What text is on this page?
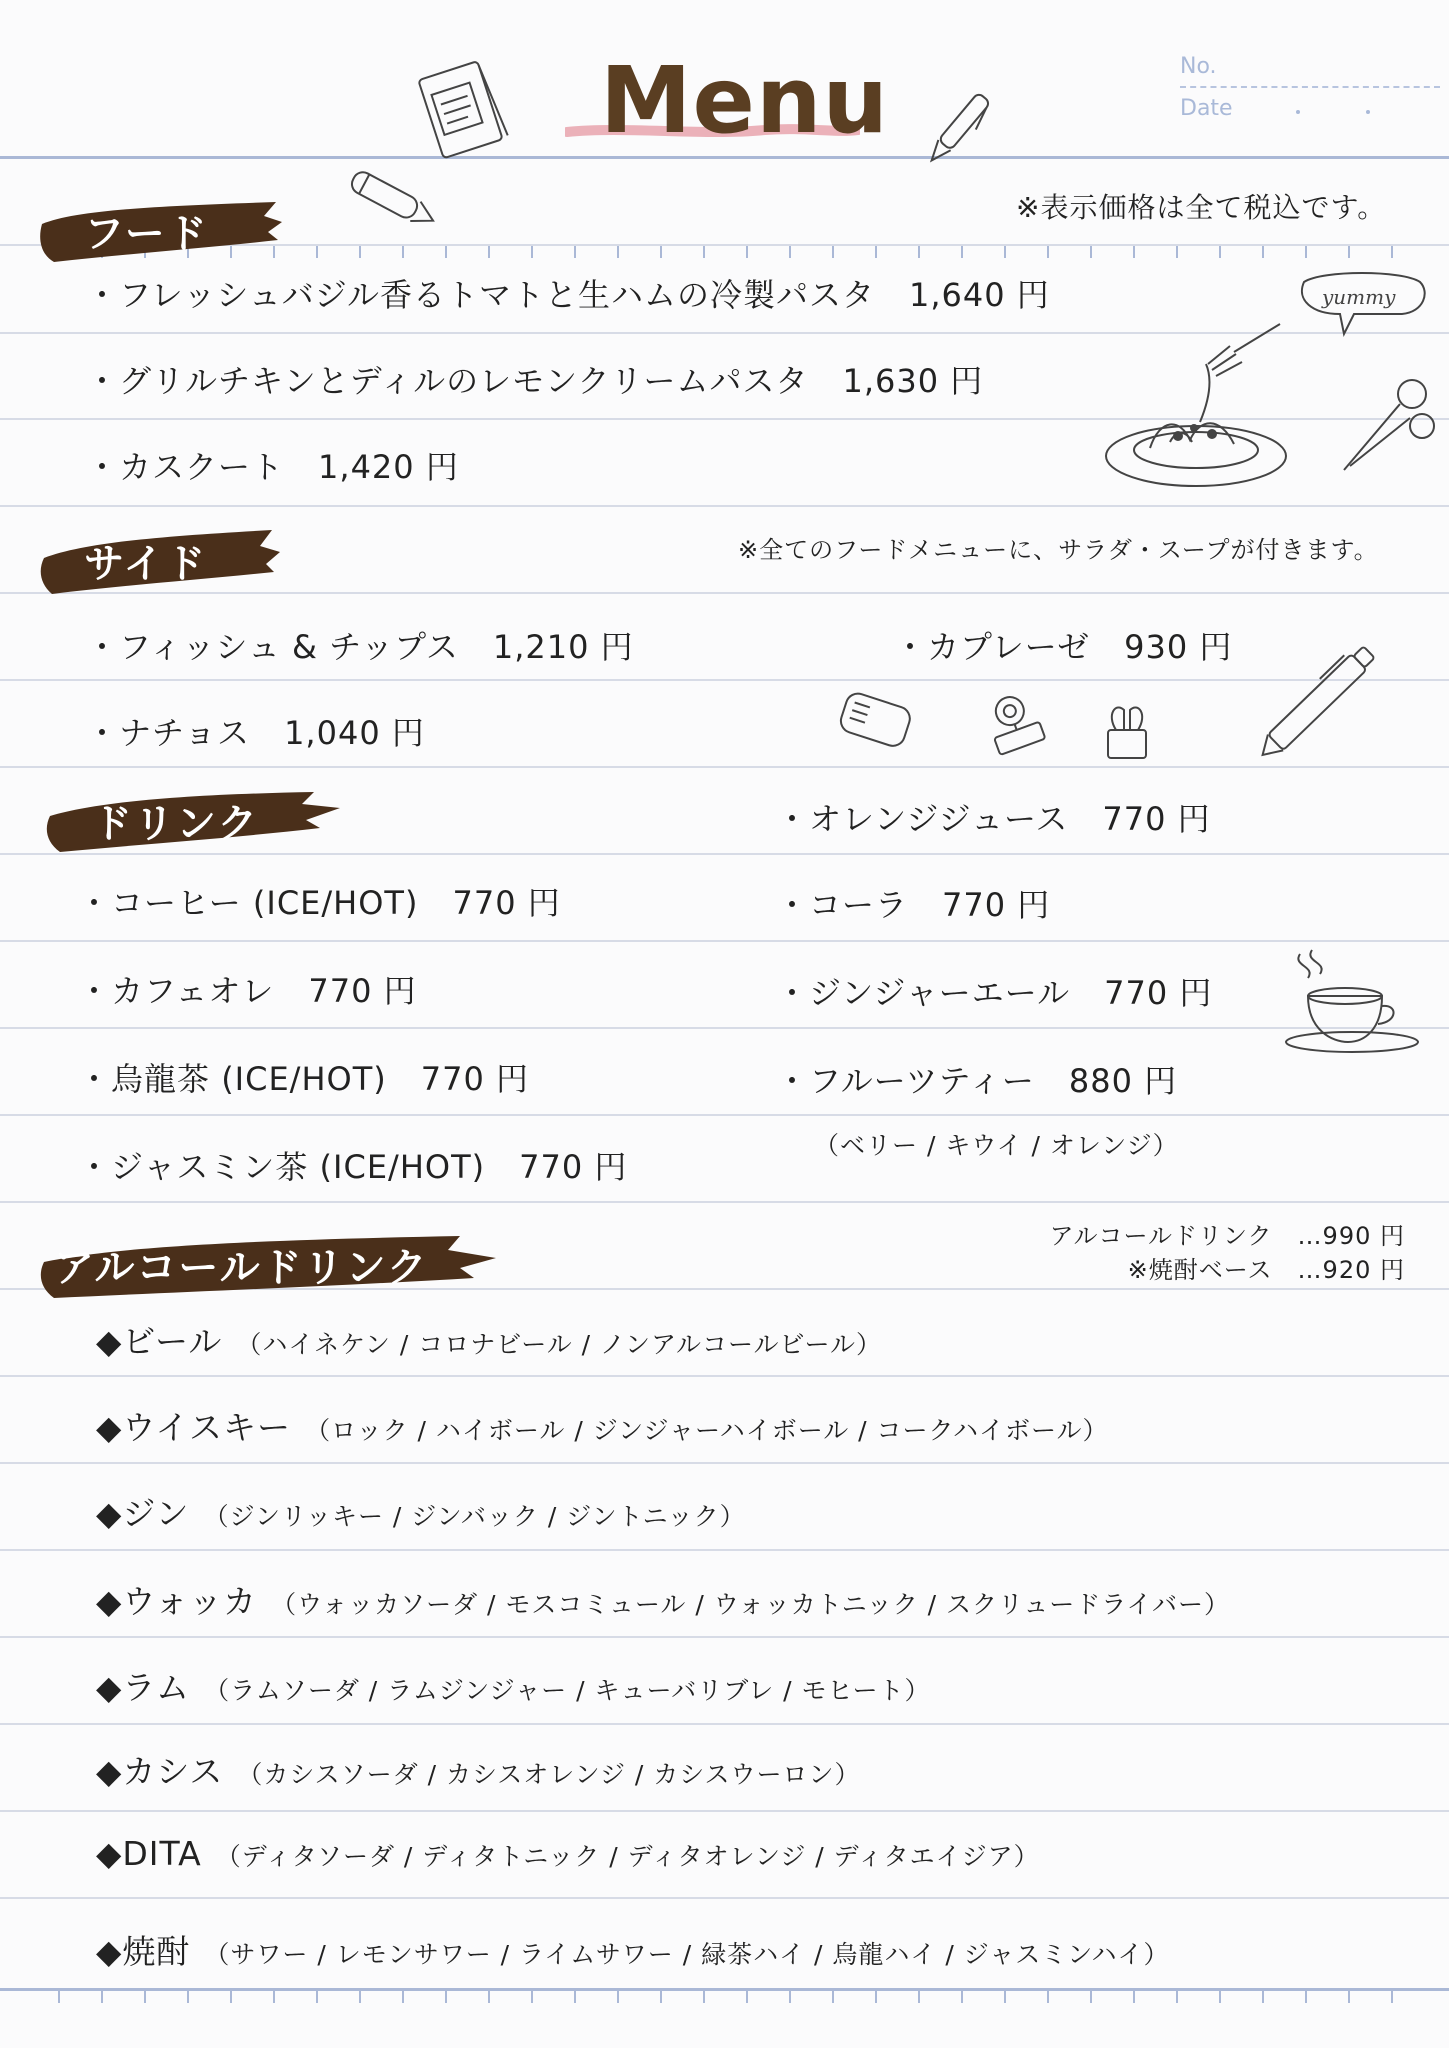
Menu	No.
Date
yummy
フード
※表示価格は全て税込です。
・フレッシュバジル香るトマトと生ハムの冷製パスタ 1,640 円
・グリルチキンとディルのレモンクリームパスタ 1,630 円
・カスクート 1,420 円
サイド	※全てのフードメニューに、サラダ・スープが付きます。
・フィッシュ & チップス 1,210 円	・カプレーゼ 930 円
・ナチョス 1,040 円
ドリンク	・オレンジジュース 770 円
・コーヒー (ICE/HOT) 770 円	・コーラ 770 円
・カフェオレ 770 円	・ジンジャーエール 770 円
・烏龍茶 (ICE/HOT) 770 円	・フルーツティー 880 円
（ベリー / キウイ / オレンジ）
・ジャスミン茶 (ICE/HOT) 770 円
アルコールドリンク
アルコールドリンク　…990 円
※焼酎ベース　…920 円
◆ビール （ハイネケン / コロナビール / ノンアルコールビール）
◆ウイスキー （ロック / ハイボール / ジンジャーハイボール / コークハイボール）
◆ジン （ジンリッキー / ジンバック / ジントニック）
◆ウォッカ （ウォッカソーダ / モスコミュール / ウォッカトニック / スクリュードライバー）
◆ラム （ラムソーダ / ラムジンジャー / キューバリブレ / モヒート）
◆カシス （カシスソーダ / カシスオレンジ / カシスウーロン）
◆DITA （ディタソーダ / ディタトニック / ディタオレンジ / ディタエイジア）
◆焼酎 （サワー / レモンサワー / ライムサワー / 緑茶ハイ / 烏龍ハイ / ジャスミンハイ）
